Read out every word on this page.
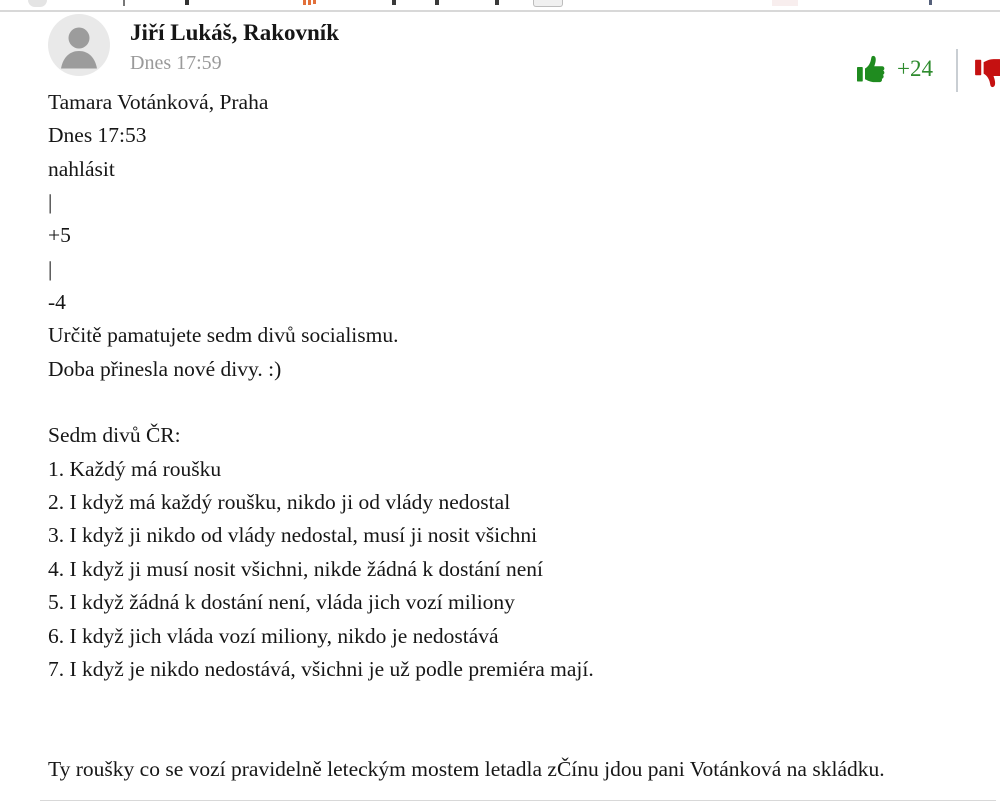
Jiří Lukáš, Rakovník
Dnes 17:59	+24
Tamara Votánková, Praha
Dnes 17:53
nahlásit
|
+5
|
-4
Určitě pamatujete sedm divů socialismu.
Doba přinesla nové divy. :)
Sedm divů ČR:
1. Každý má roušku
2. I když má každý roušku, nikdo ji od vlády nedostal
3. I když ji nikdo od vlády nedostal, musí ji nosit všichni
4. I když ji musí nosit všichni, nikde žádná k dostání není
5. I když žádná k dostání není, vláda jich vozí miliony
6. I když jich vláda vozí miliony, nikdo je nedostává
7. I když je nikdo nedostává, všichni je už podle premiéra mají.
Ty roušky co se vozí pravidelně leteckým mostem letadla zČínu jdou pani Votánková na skládku.
